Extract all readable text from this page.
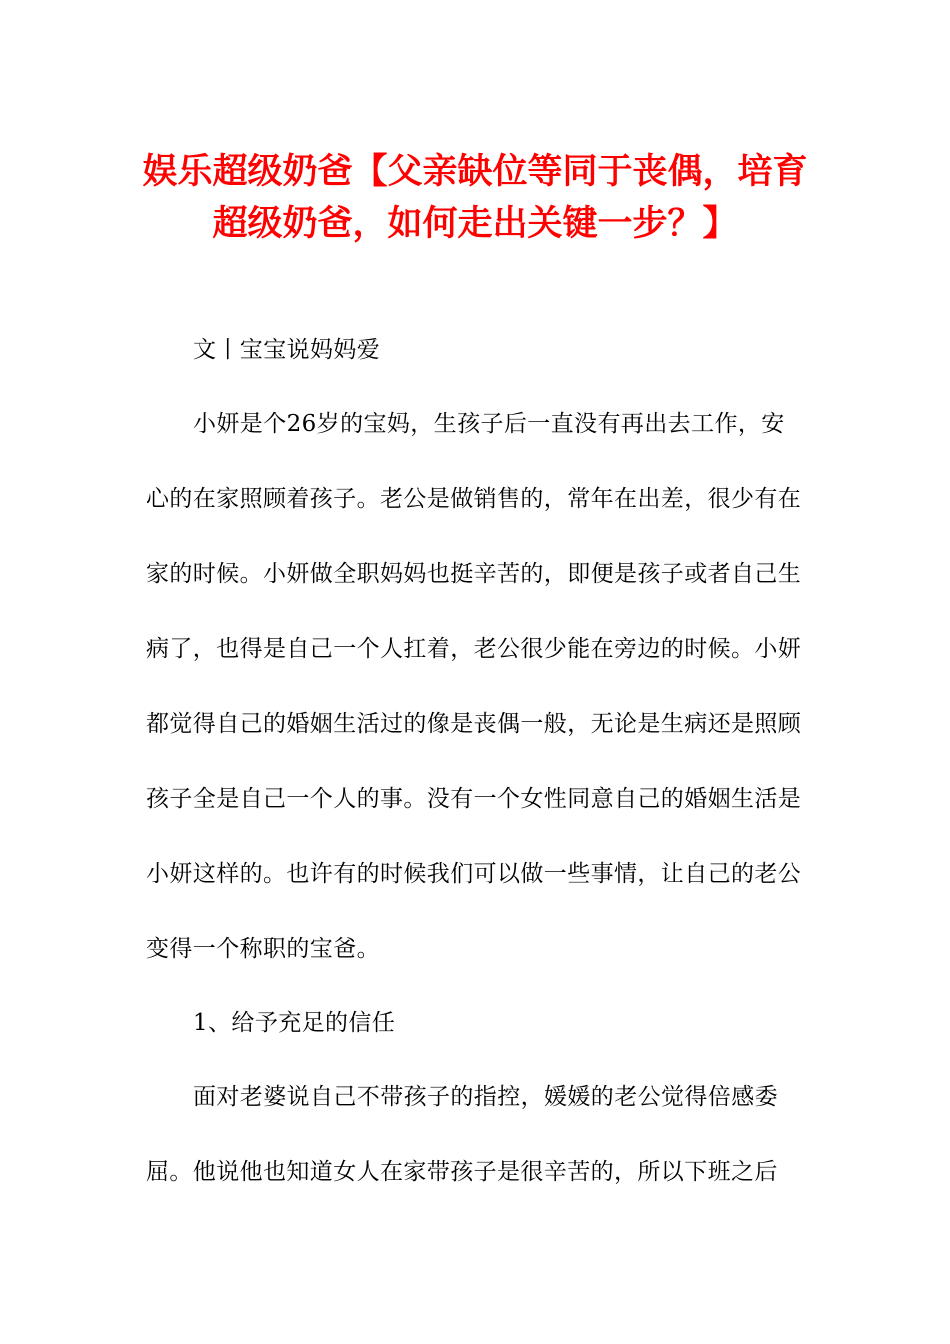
娱乐超级奶爸【父亲缺位等同于丧偶，培育超级奶爸，如何走出关键一步？】

文丨宝宝说妈妈爱

小妍是个26岁的宝妈，生孩子后一直没有再出去工作，安心的在家照顾着孩子。老公是做销售的，常年在出差，很少有在家的时候。小妍做全职妈妈也挺辛苦的，即便是孩子或者自己生病了，也得是自己一个人扛着，老公很少能在旁边的时候。小妍都觉得自己的婚姻生活过的像是丧偶一般，无论是生病还是照顾孩子全是自己一个人的事。没有一个女性同意自己的婚姻生活是小妍这样的。也许有的时候我们可以做一些事情，让自己的老公变得一个称职的宝爸。

1、给予充足的信任

面对老婆说自己不带孩子的指控，媛媛的老公觉得倍感委屈。他说他也知道女人在家带孩子是很辛苦的，所以下班之后
